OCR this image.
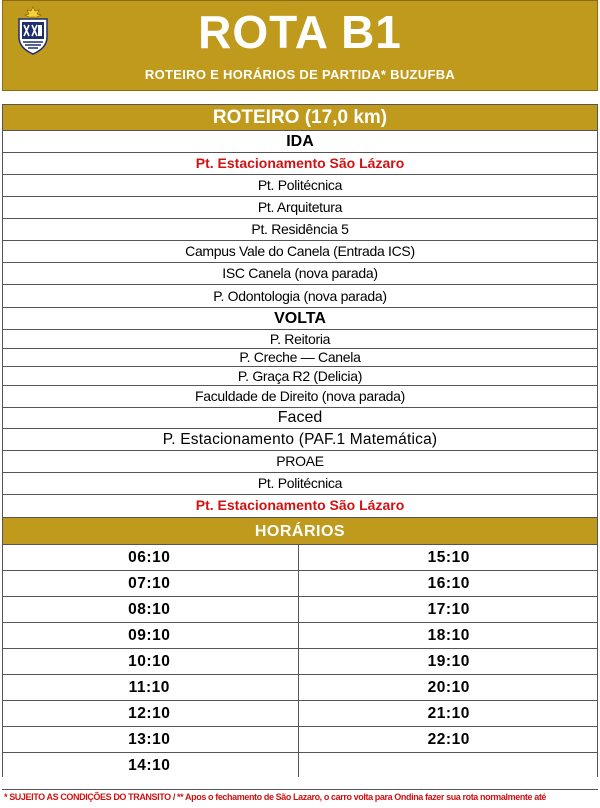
ROTA B1
ROTEIRO E HORÁRIOS DE PARTIDA* BUZUFBA
ROTEIRO (17,0 km)
IDA
Pt. Estacionamento São Lázaro
Pt. Politécnica
Pt. Arquitetura
Pt. Residência 5
Campus Vale do Canela (Entrada ICS)
ISC Canela (nova parada)
P. Odontologia (nova parada)
VOLTA
P. Reitoria
P. Creche — Canela
P. Graça R2 (Delicia)
Faculdade de Direito (nova parada)
Faced
P. Estacionamento (PAF.1 Matemática)
PROAE
Pt. Politécnica
Pt. Estacionamento São Lázaro
HORÁRIOS
06:10	15:10
07:10	16:10
08:10	17:10
09:10	18:10
10:10	19:10
11:10	20:10
12:10	21:10
13:10	22:10
14:10
* SUJEITO AS CONDIÇÕES DO TRANSITO / ** Apos o fechamento de São Lazaro, o carro volta para Ondina fazer sua rota normalmente até
